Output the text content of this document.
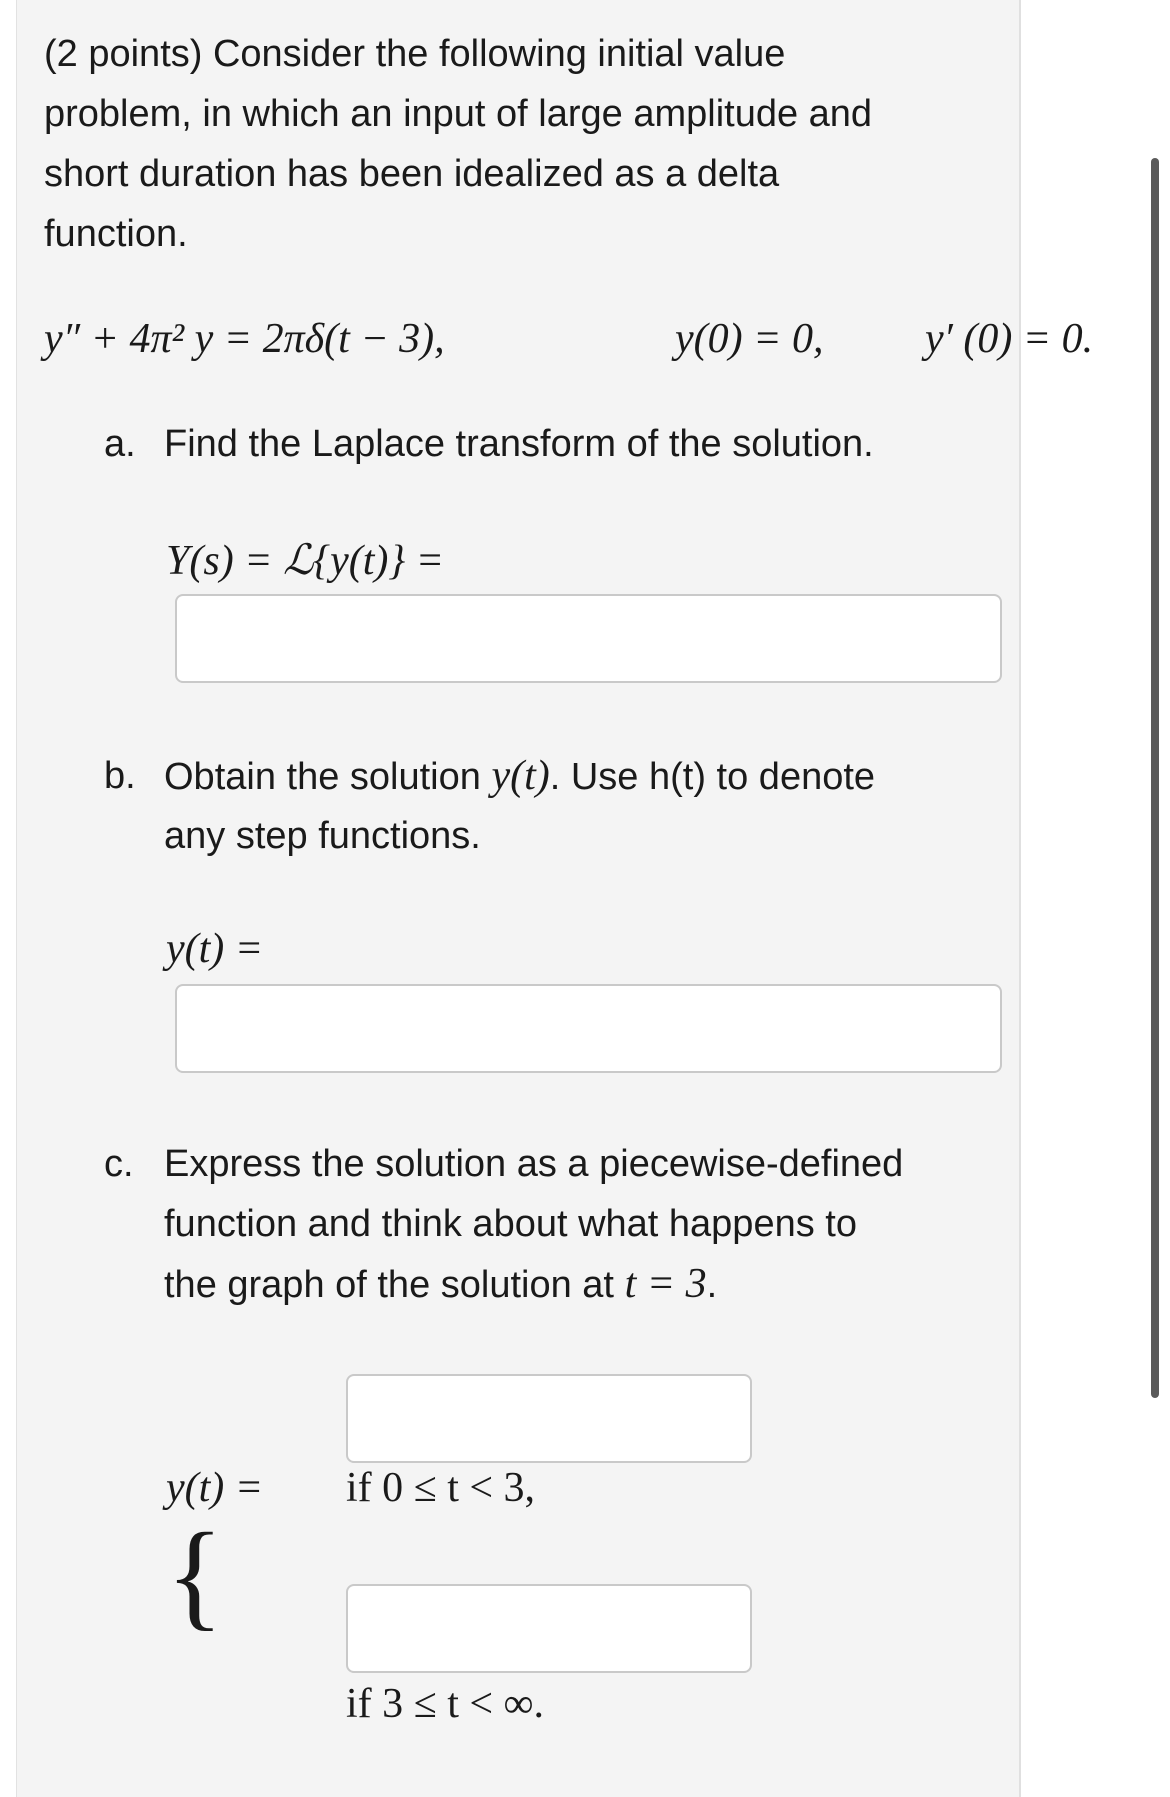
(2 points) Consider the following initial value
problem, in which an input of large amplitude and
short duration has been idealized as a delta
function.
y″ + 4π² y = 2πδ(t − 3),	y(0) = 0, y′ (0) = 0.
a. Find the Laplace transform of the solution.
Y(s) = ℒ{y(t)} =
b. Obtain the solution y(t). Use h(t) to denote
any step functions.
y(t) =
c. Express the solution as a piecewise-defined
function and think about what happens to
the graph of the solution at t = 3.
y(t) = if 0 ≤ t < 3,
{
if 3 ≤ t < ∞.
